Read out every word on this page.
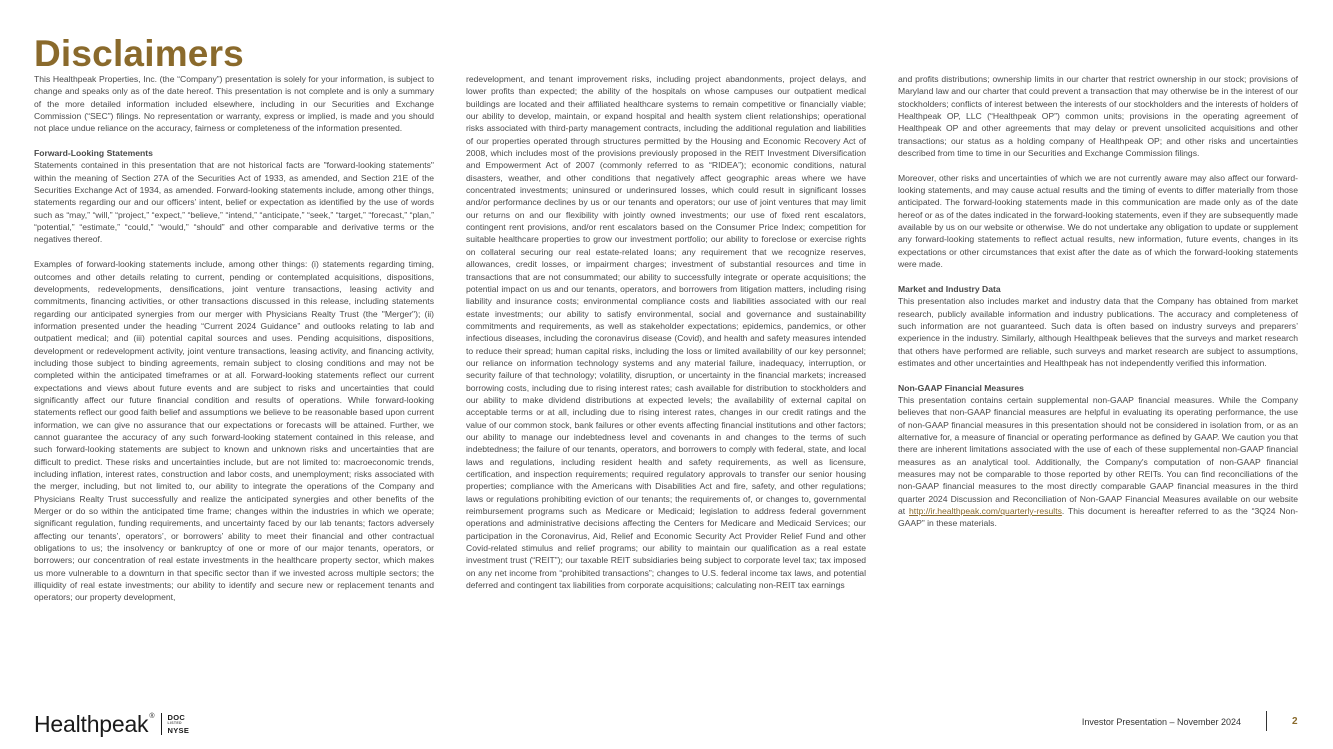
Disclaimers

This Healthpeak Properties, Inc. (the “Company”) presentation is solely for your information, is subject to change and speaks only as of the date hereof. This presentation is not complete and is only a summary of the more detailed information included elsewhere, including in our Securities and Exchange Commission (“SEC”) filings. No representation or warranty, express or implied, is made and you should not place undue reliance on the accuracy, fairness or completeness of the information presented.

Forward-Looking Statements

Statements contained in this presentation that are not historical facts are "forward-looking statements" within the meaning of Section 27A of the Securities Act of 1933, as amended, and Section 21E of the Securities Exchange Act of 1934, as amended. Forward-looking statements include, among other things, statements regarding our and our officers’ intent, belief or expectation as identified by the use of words such as “may,” “will,” “project,” “expect,” “believe,” “intend,” “anticipate,” “seek,” “target,” “forecast,” “plan,” “potential,” “estimate,” “could,” “would,” “should” and other comparable and derivative terms or the negatives thereof.

Examples of forward-looking statements include, among other things: (i) statements regarding timing, outcomes and other details relating to current, pending or contemplated acquisitions, dispositions, developments, redevelopments, densifications, joint venture transactions, leasing activity and commitments, financing activities, or other transactions discussed in this release, including statements regarding our anticipated synergies from our merger with Physicians Realty Trust (the "Merger"); (ii) information presented under the heading “Current 2024 Guidance” and outlooks relating to lab and outpatient medical; and (iii) potential capital sources and uses. Pending acquisitions, dispositions, development or redevelopment activity, joint venture transactions, leasing activity, and financing activity, including those subject to binding agreements, remain subject to closing conditions and may not be completed within the anticipated timeframes or at all. Forward-looking statements reflect our current expectations and views about future events and are subject to risks and uncertainties that could significantly affect our future financial condition and results of operations. While forward-looking statements reflect our good faith belief and assumptions we believe to be reasonable based upon current information, we can give no assurance that our expectations or forecasts will be attained. Further, we cannot guarantee the accuracy of any such forward-looking statement contained in this release, and such forward-looking statements are subject to known and unknown risks and uncertainties that are difficult to predict. These risks and uncertainties include, but are not limited to: macroeconomic trends, including inflation, interest rates, construction and labor costs, and unemployment; risks associated with the merger, including, but not limited to, our ability to integrate the operations of the Company and Physicians Realty Trust successfully and realize the anticipated synergies and other benefits of the Merger or do so within the anticipated time frame; changes within the industries in which we operate; significant regulation, funding requirements, and uncertainty faced by our lab tenants; factors adversely affecting our tenants’, operators’, or borrowers’ ability to meet their financial and other contractual obligations to us; the insolvency or bankruptcy of one or more of our major tenants, operators, or borrowers; our concentration of real estate investments in the healthcare property sector, which makes us more vulnerable to a downturn in that specific sector than if we invested across multiple sectors; the illiquidity of real estate investments; our ability to identify and secure new or replacement tenants and operators; our property development,

redevelopment, and tenant improvement risks, including project abandonments, project delays, and lower profits than expected; the ability of the hospitals on whose campuses our outpatient medical buildings are located and their affiliated healthcare systems to remain competitive or financially viable; our ability to develop, maintain, or expand hospital and health system client relationships; operational risks associated with third-party management contracts, including the additional regulation and liabilities of our properties operated through structures permitted by the Housing and Economic Recovery Act of 2008, which includes most of the provisions previously proposed in the REIT Investment Diversification and Empowerment Act of 2007 (commonly referred to as “RIDEA”); economic conditions, natural disasters, weather, and other conditions that negatively affect geographic areas where we have concentrated investments; uninsured or underinsured losses, which could result in significant losses and/or performance declines by us or our tenants and operators; our use of joint ventures that may limit our returns on and our flexibility with jointly owned investments; our use of fixed rent escalators, contingent rent provisions, and/or rent escalators based on the Consumer Price Index; competition for suitable healthcare properties to grow our investment portfolio; our ability to foreclose or exercise rights on collateral securing our real estate-related loans; any requirement that we recognize reserves, allowances, credit losses, or impairment charges; investment of substantial resources and time in transactions that are not consummated; our ability to successfully integrate or operate acquisitions; the potential impact on us and our tenants, operators, and borrowers from litigation matters, including rising liability and insurance costs; environmental compliance costs and liabilities associated with our real estate investments; our ability to satisfy environmental, social and governance and sustainability commitments and requirements, as well as stakeholder expectations; epidemics, pandemics, or other infectious diseases, including the coronavirus disease (Covid), and health and safety measures intended to reduce their spread; human capital risks, including the loss or limited availability of our key personnel; our reliance on information technology systems and any material failure, inadequacy, interruption, or security failure of that technology; volatility, disruption, or uncertainty in the financial markets; increased borrowing costs, including due to rising interest rates; cash available for distribution to stockholders and our ability to make dividend distributions at expected levels; the availability of external capital on acceptable terms or at all, including due to rising interest rates, changes in our credit ratings and the value of our common stock, bank failures or other events affecting financial institutions and other factors; our ability to manage our indebtedness level and covenants in and changes to the terms of such indebtedness; the failure of our tenants, operators, and borrowers to comply with federal, state, and local laws and regulations, including resident health and safety requirements, as well as licensure, certification, and inspection requirements; required regulatory approvals to transfer our senior housing properties; compliance with the Americans with Disabilities Act and fire, safety, and other regulations; laws or regulations prohibiting eviction of our tenants; the requirements of, or changes to, governmental reimbursement programs such as Medicare or Medicaid; legislation to address federal government operations and administrative decisions affecting the Centers for Medicare and Medicaid Services; our participation in the Coronavirus, Aid, Relief and Economic Security Act Provider Relief Fund and other Covid-related stimulus and relief programs; our ability to maintain our qualification as a real estate investment trust (“REIT”); our taxable REIT subsidiaries being subject to corporate level tax; tax imposed on any net income from “prohibited transactions”; changes to U.S. federal income tax laws, and potential deferred and contingent tax liabilities from corporate acquisitions; calculating non-REIT tax earnings

and profits distributions; ownership limits in our charter that restrict ownership in our stock; provisions of Maryland law and our charter that could prevent a transaction that may otherwise be in the interest of our stockholders; conflicts of interest between the interests of our stockholders and the interests of holders of Healthpeak OP, LLC (“Healthpeak OP”) common units; provisions in the operating agreement of Healthpeak OP and other agreements that may delay or prevent unsolicited acquisitions and other transactions; our status as a holding company of Healthpeak OP; and other risks and uncertainties described from time to time in our Securities and Exchange Commission filings.

Moreover, other risks and uncertainties of which we are not currently aware may also affect our forward-looking statements, and may cause actual results and the timing of events to differ materially from those anticipated. The forward-looking statements made in this communication are made only as of the date hereof or as of the dates indicated in the forward-looking statements, even if they are subsequently made available by us on our website or otherwise. We do not undertake any obligation to update or supplement any forward-looking statements to reflect actual results, new information, future events, changes in its expectations or other circumstances that exist after the date as of which the forward-looking statements were made.

Market and Industry Data

This presentation also includes market and industry data that the Company has obtained from market research, publicly available information and industry publications. The accuracy and completeness of such information are not guaranteed. Such data is often based on industry surveys and preparers’ experience in the industry. Similarly, although Healthpeak believes that the surveys and market research that others have performed are reliable, such surveys and market research are subject to assumptions, estimates and other uncertainties and Healthpeak has not independently verified this information.

Non-GAAP Financial Measures

This presentation contains certain supplemental non-GAAP financial measures. While the Company believes that non-GAAP financial measures are helpful in evaluating its operating performance, the use of non-GAAP financial measures in this presentation should not be considered in isolation from, or as an alternative for, a measure of financial or operating performance as defined by GAAP. We caution you that there are inherent limitations associated with the use of each of these supplemental non-GAAP financial measures as an analytical tool. Additionally, the Company's computation of non-GAAP financial measures may not be comparable to those reported by other REITs. You can find reconciliations of the non-GAAP financial measures to the most directly comparable GAAP financial measures in the third quarter 2024 Discussion and Reconciliation of Non-GAAP Financial Measures available on our website at http://ir.healthpeak.com/quarterly-results. This document is hereafter referred to as the “3Q24 Non-GAAP” in these materials.

Healthpeak ® DOC
LISTED
NYSE
Investor Presentation – November 2024	2
